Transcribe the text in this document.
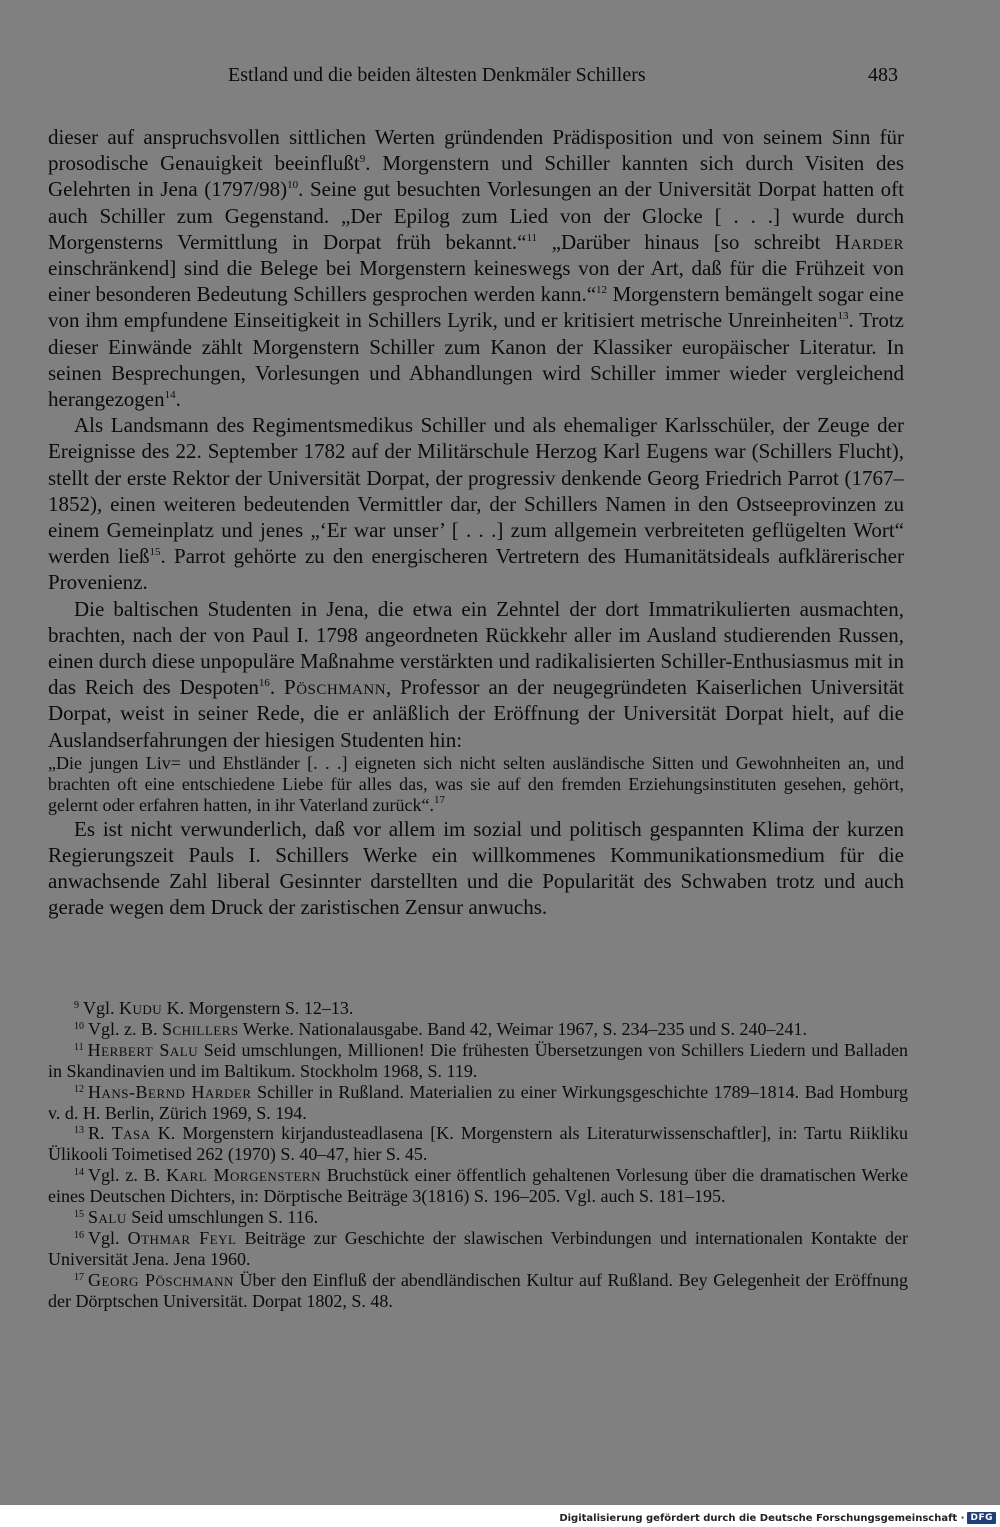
Estland und die beiden ältesten Denkmäler Schillers	483

dieser auf anspruchsvollen sittlichen Werten gründenden Prädisposition und von seinem Sinn für prosodische Genauigkeit beeinflußt$^9$. Morgenstern und Schiller kannten sich durch Visiten des Gelehrten in Jena $(1797/98)^{10}$. Seine gut besuchten Vorlesungen an der Universität Dorpat hatten oft auch Schiller zum Gegenstand. „Der Epilog zum Lied von der Glocke [ . . .] wurde durch Morgensterns Vermittlung in Dorpat früh bekannt.“$^{11}$ „Darüber hinaus [so schreibt Harder einschränkend] sind die Belege bei Morgenstern keineswegs von der Art, daß für die Frühzeit von einer besonderen Bedeutung Schillers gesprochen werden kann.“$^{12}$ Morgenstern bemängelt sogar eine von ihm empfundene Einseitigkeit in Schillers Lyrik, und er kritisiert metrische Unreinheiten$^{13}$. Trotz dieser Einwände zählt Morgenstern Schiller zum Kanon der Klassiker europäischer Literatur. In seinen Besprechungen, Vorlesungen und Abhandlungen wird Schiller immer wieder vergleichend herangezogen$^{14}$.

Als Landsmann des Regimentsmedikus Schiller und als ehemaliger Karlsschüler, der Zeuge der Ereignisse des 22. September 1782 auf der Militärschule Herzog Karl Eugens war (Schillers Flucht), stellt der erste Rektor der Universität Dorpat, der progressiv denkende Georg Friedrich Parrot (1767–1852), einen weiteren bedeutenden Vermittler dar, der Schillers Namen in den Ostseeprovinzen zu einem Gemeinplatz und jenes „‘Er war unser’ [ . . .] zum allgemein verbreiteten geflügelten Wort“ werden ließ$^{15}$. Parrot gehörte zu den energischeren Vertretern des Humanitätsideals aufklärerischer Provenienz.

Die baltischen Studenten in Jena, die etwa ein Zehntel der dort Immatrikulierten ausmachten, brachten, nach der von Paul I. 1798 angeordneten Rückkehr aller im Ausland studierenden Russen, einen durch diese unpopuläre Maßnahme verstärkten und radikalisierten Schiller-Enthusiasmus mit in das Reich des Despoten$^{16}$. Pöschmann, Professor an der neugegründeten Kaiserlichen Universität Dorpat, weist in seiner Rede, die er anläßlich der Eröffnung der Universität Dorpat hielt, auf die Auslandserfahrungen der hiesigen Studenten hin:

„Die jungen Liv= und Ehstländer [. . .] eigneten sich nicht selten ausländische Sitten und Gewohnheiten an, und brachten oft eine entschiedene Liebe für alles das, was sie auf den fremden Erziehungsinstituten gesehen, gehört, gelernt oder erfahren hatten, in ihr Vaterland zurück“.$^{17}$

Es ist nicht verwunderlich, daß vor allem im sozial und politisch gespannten Klima der kurzen Regierungszeit Pauls I. Schillers Werke ein willkommenes Kommunikationsmedium für die anwachsende Zahl liberal Gesinnter darstellten und die Popularität des Schwaben trotz und auch gerade wegen dem Druck der zaristischen Zensur anwuchs.

$^9$ Vgl. Kudu K. Morgenstern S. 12–13.

$^{10}$ Vgl. z. B. Schillers Werke. Nationalausgabe. Band 42, Weimar 1967, S. 234–235 und S. 240–241.

$^{11}$ Herbert Salu Seid umschlungen, Millionen! Die frühesten Übersetzungen von Schillers Liedern und Balladen in Skandinavien und im Baltikum. Stockholm 1968, S. 119.

$^{12}$ Hans-Bernd Harder Schiller in Rußland. Materialien zu einer Wirkungsgeschichte 1789–1814. Bad Homburg v. d. H. Berlin, Zürich 1969, S. 194.

$^{13}$ R. Tasa K. Morgenstern kirjandusteadlasena [K. Morgenstern als Literaturwissenschaftler], in: Tartu Riikliku Ülikooli Toimetised 262 (1970) S. 40–47, hier S. 45.

$^{14}$ Vgl. z. B. Karl Morgenstern Bruchstück einer öffentlich gehaltenen Vorlesung über die dramatischen Werke eines Deutschen Dichters, in: Dörptische Beiträge 3(1816) S. 196–205. Vgl. auch S. 181–195.

$^{15}$ Salu Seid umschlungen S. 116.

$^{16}$ Vgl. Othmar Feyl Beiträge zur Geschichte der slawischen Verbindungen und internationalen Kontakte der Universität Jena. Jena 1960.

$^{17}$ Georg Pöschmann Über den Einfluß der abendländischen Kultur auf Rußland. Bey Gelegenheit der Eröffnung der Dörptschen Universität. Dorpat 1802, S. 48.

Digitalisierung gefördert durch die Deutsche Forschungsgemeinschaft · DFG
